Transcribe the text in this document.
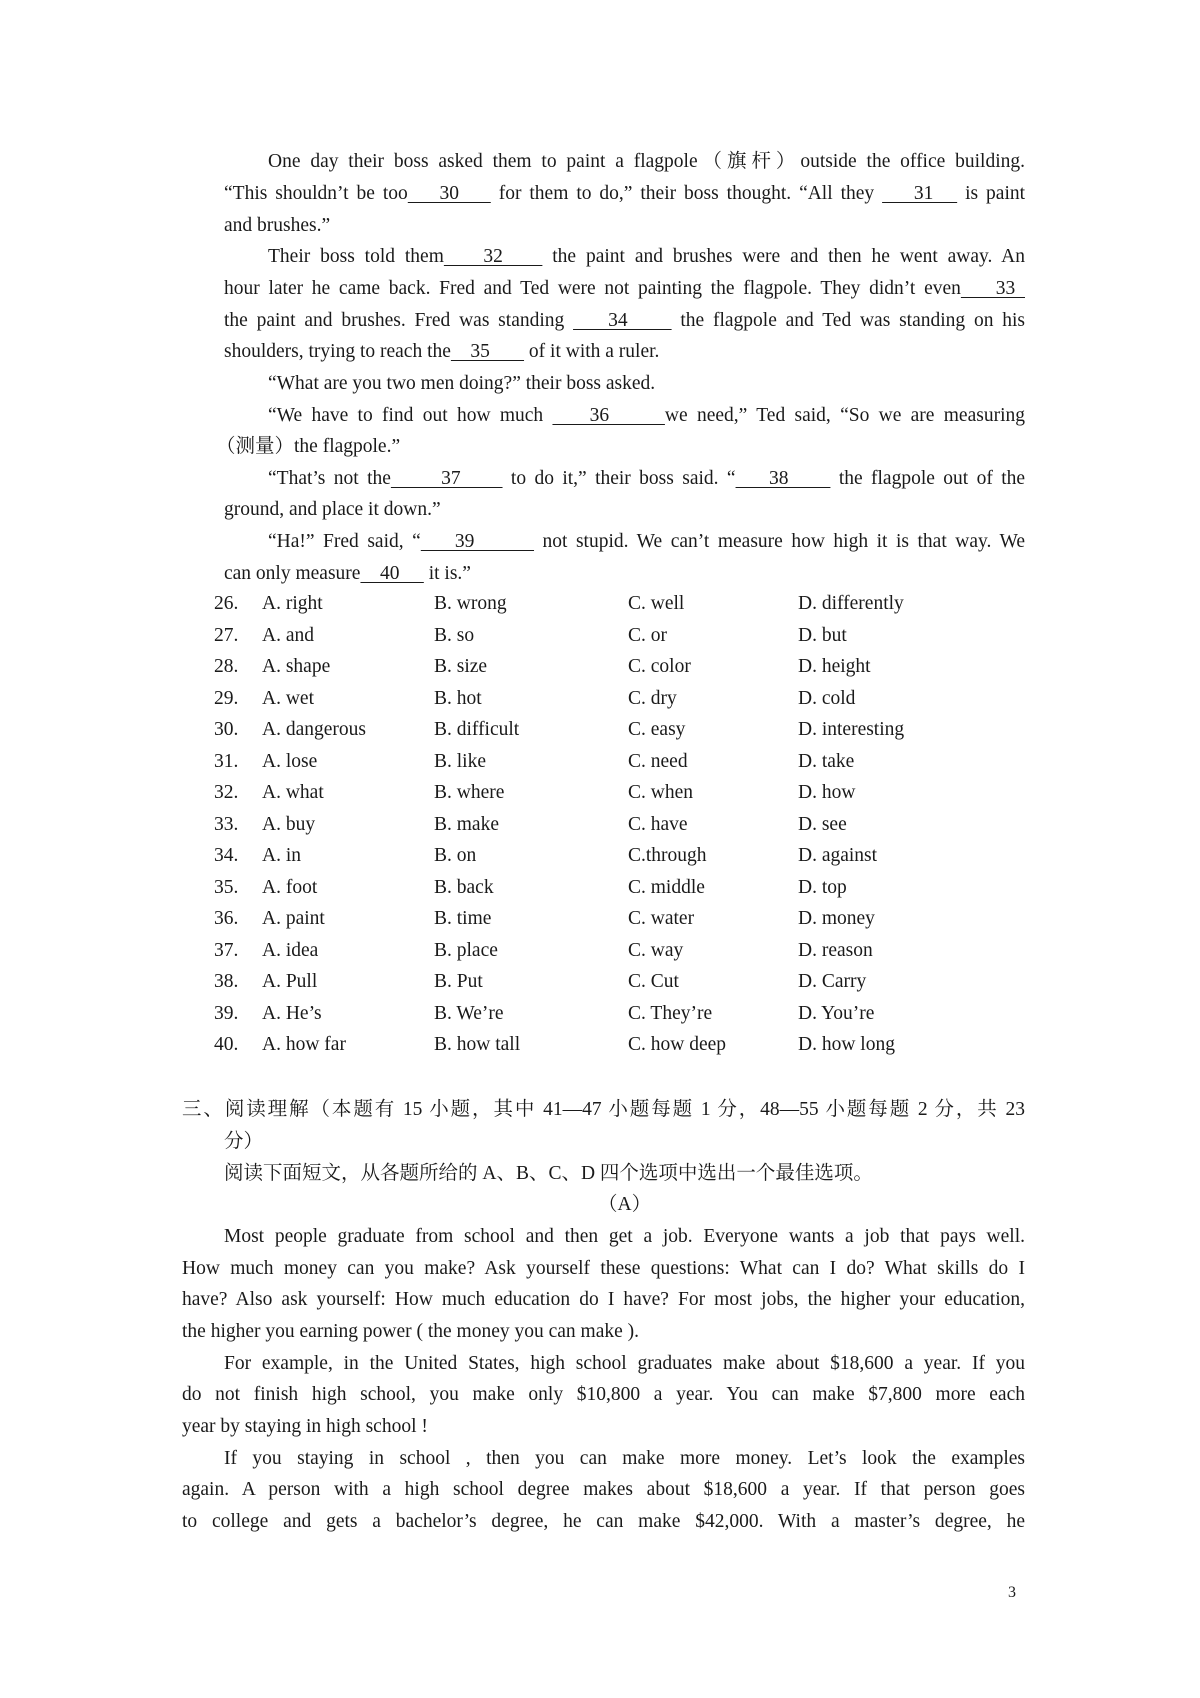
One day their boss asked them to paint a flagpole（旗杆）outside the office building.
“This shouldn’t be too    30     for them to do,” their boss thought. “All they     31    is paint
and brushes.”
Their boss told them    32     the paint and brushes were and then he went away. An
hour later he came back. Fred and Ted were not painting the flagpole. They didn’t even    33
the paint and brushes. Fred was standing     34      the flagpole and Ted was standing on his
shoulders, trying to reach the    35        of it with a ruler.
“What are you two men doing?” their boss asked.
“We have to find out how much     36      we need,” Ted said, “So we are measuring
（测量）the flagpole.”
“That’s not the      37      to do it,” their boss said. “    38      the flagpole out of the
ground, and place it down.”
“Ha!” Fred said, “    39        not stupid. We can’t measure how high it is that way. We
can only measure    40      it is.”
26. A. right	B. wrong	C. well	D. differently
27. A. and	B. so	C. or	D. but
28. A. shape	B. size	C. color	D. height
29. A. wet	B. hot	C. dry	D. cold
30. A. dangerous	B. difficult	C. easy	D. interesting
31. A. lose	B. like	C. need	D. take
32. A. what	B. where	C. when	D. how
33. A. buy	B. make	C. have	D. see
34. A. in	B. on	C.through	D. against
35. A. foot	B. back	C. middle	D. top
36. A. paint	B. time	C. water	D. money
37. A. idea	B. place	C. way	D. reason
38. A. Pull	B. Put	C. Cut	D. Carry
39. A. He’s	B. We’re	C. They’re	D. You’re
40. A. how far	B. how tall	C. how deep	D. how long
三、阅读理解（本题有 15 小题，其中 41—47 小题每题 1 分，48—55 小题每题 2 分，共 23
分）
阅读下面短文，从各题所给的 A、B、C、D 四个选项中选出一个最佳选项。
（A）
Most people graduate from school and then get a job. Everyone wants a job that pays well.
How much money can you make? Ask yourself these questions: What can I do? What skills do I
have? Also ask yourself: How much education do I have? For most jobs, the higher your education,
the higher you earning power ( the money you can make ).
For example, in the United States, high school graduates make about $18,600 a year. If you
do not finish high school, you make only $10,800 a year. You can make $7,800 more each
year by staying in high school !
If you staying in school , then you can make more money. Let’s look the examples
again. A person with a high school degree makes about $18,600 a year. If that person goes
to college and gets a bachelor’s degree, he can make $42,000. With a master’s degree, he
3
